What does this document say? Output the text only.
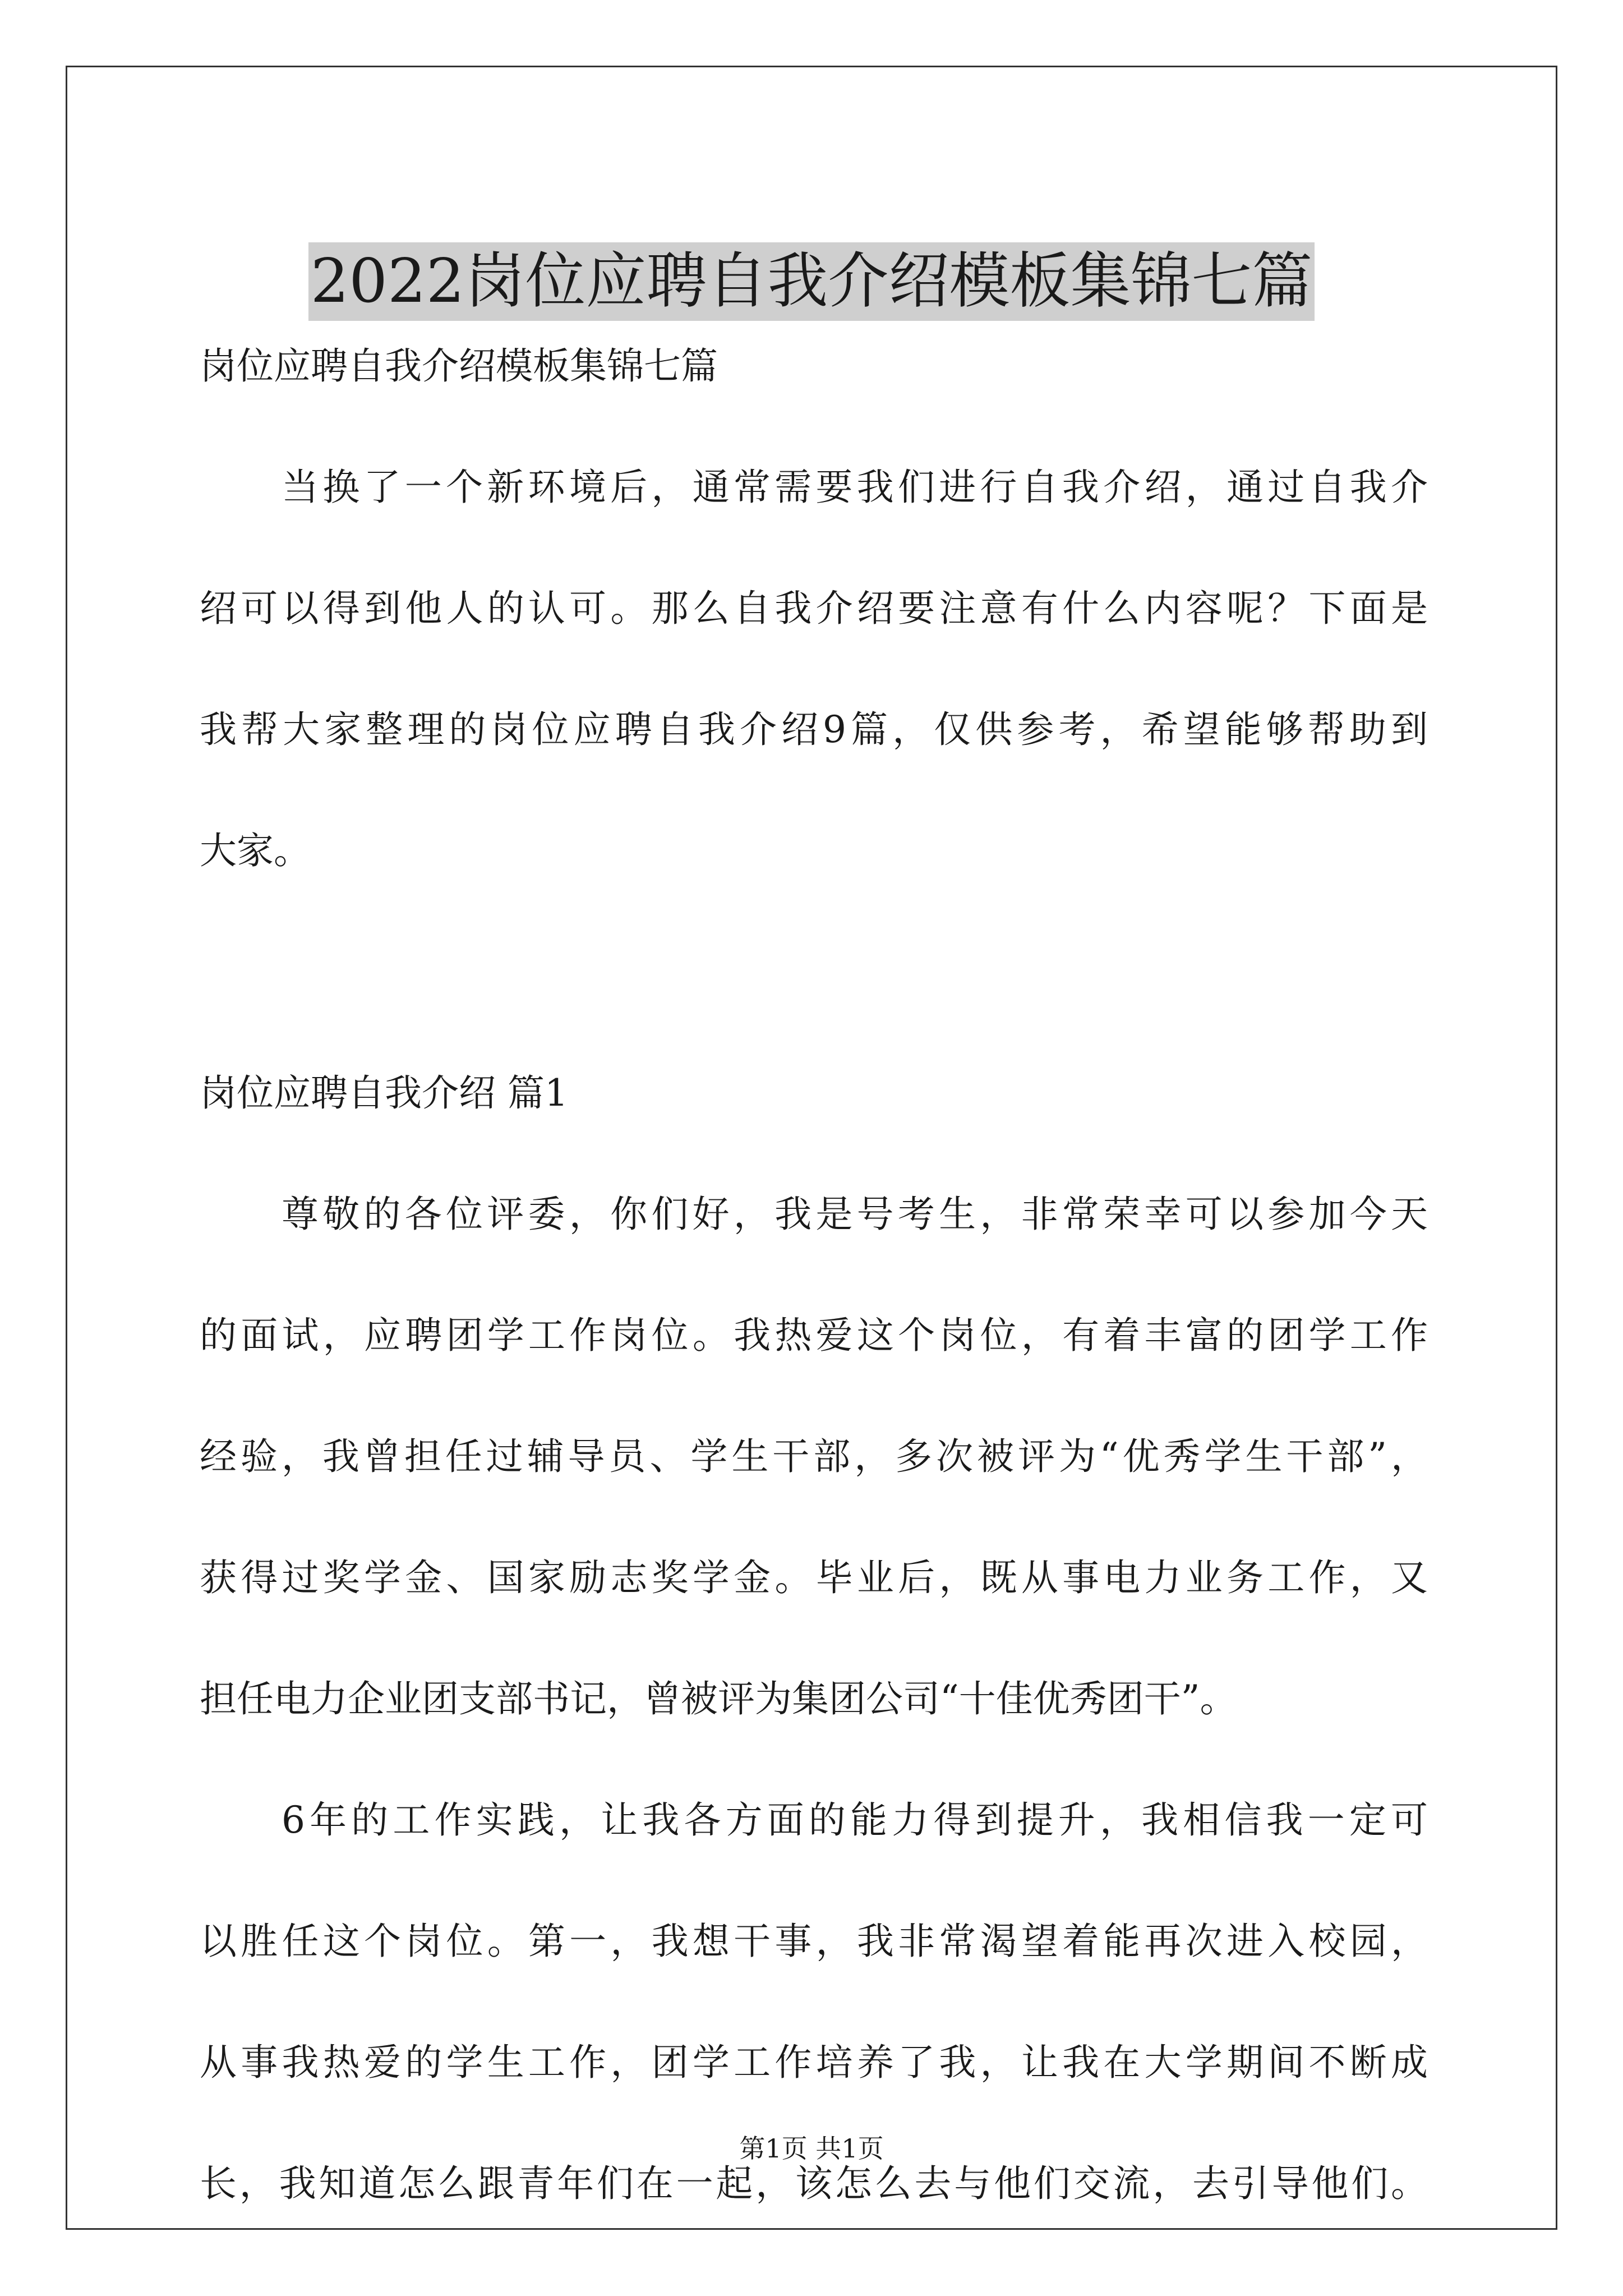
2022岗位应聘自我介绍模板集锦七篇
岗位应聘自我介绍模板集锦七篇
当换了一个新环境后，通常需要我们进行自我介绍，通过自我介
绍可以得到他人的认可。那么自我介绍要注意有什么内容呢？下面是
我帮大家整理的岗位应聘自我介绍9篇，仅供参考，希望能够帮助到
大家。
岗位应聘自我介绍 篇1
尊敬的各位评委，你们好，我是号考生，非常荣幸可以参加今天
的面试，应聘团学工作岗位。我热爱这个岗位，有着丰富的团学工作
经验，我曾担任过辅导员、学生干部，多次被评为“优秀学生干部”，
获得过奖学金、国家励志奖学金。毕业后，既从事电力业务工作，又
担任电力企业团支部书记，曾被评为集团公司“十佳优秀团干”。
6年的工作实践，让我各方面的能力得到提升，我相信我一定可
以胜任这个岗位。第一，我想干事，我非常渴望着能再次进入校园，
从事我热爱的学生工作，团学工作培养了我，让我在大学期间不断成
长，我知道怎么跟青年们在一起，该怎么去与他们交流，去引导他们。
第1页 共1页
